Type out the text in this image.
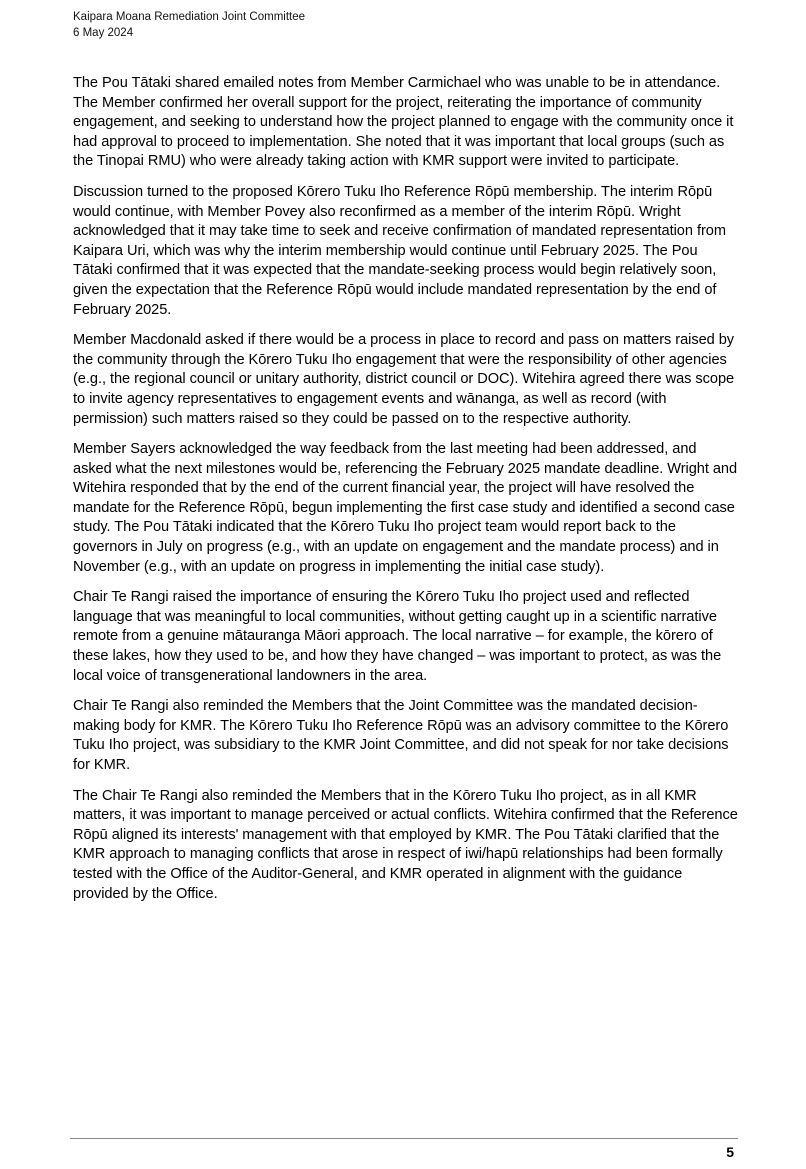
Kaipara Moana Remediation Joint Committee
6 May 2024

The Pou Tātaki shared emailed notes from Member Carmichael who was unable to be in attendance. The Member confirmed her overall support for the project, reiterating the importance of community engagement, and seeking to understand how the project planned to engage with the community once it had approval to proceed to implementation. She noted that it was important that local groups (such as the Tinopai RMU) who were already taking action with KMR support were invited to participate.

Discussion turned to the proposed Kōrero Tuku Iho Reference Rōpū membership. The interim Rōpū would continue, with Member Povey also reconfirmed as a member of the interim Rōpū. Wright acknowledged that it may take time to seek and receive confirmation of mandated representation from Kaipara Uri, which was why the interim membership would continue until February 2025. The Pou Tātaki confirmed that it was expected that the mandate-seeking process would begin relatively soon, given the expectation that the Reference Rōpū would include mandated representation by the end of February 2025.

Member Macdonald asked if there would be a process in place to record and pass on matters raised by the community through the Kōrero Tuku Iho engagement that were the responsibility of other agencies (e.g., the regional council or unitary authority, district council or DOC). Witehira agreed there was scope to invite agency representatives to engagement events and wānanga, as well as record (with permission) such matters raised so they could be passed on to the respective authority.

Member Sayers acknowledged the way feedback from the last meeting had been addressed, and asked what the next milestones would be, referencing the February 2025 mandate deadline. Wright and Witehira responded that by the end of the current financial year, the project will have resolved the mandate for the Reference Rōpū, begun implementing the first case study and identified a second case study. The Pou Tātaki indicated that the Kōrero Tuku Iho project team would report back to the governors in July on progress (e.g., with an update on engagement and the mandate process) and in November (e.g., with an update on progress in implementing the initial case study).

Chair Te Rangi raised the importance of ensuring the Kōrero Tuku Iho project used and reflected language that was meaningful to local communities, without getting caught up in a scientific narrative remote from a genuine mātauranga Māori approach. The local narrative – for example, the kōrero of these lakes, how they used to be, and how they have changed – was important to protect, as was the local voice of transgenerational landowners in the area.

Chair Te Rangi also reminded the Members that the Joint Committee was the mandated decision-making body for KMR. The Kōrero Tuku Iho Reference Rōpū was an advisory committee to the Kōrero Tuku Iho project, was subsidiary to the KMR Joint Committee, and did not speak for nor take decisions for KMR.

The Chair Te Rangi also reminded the Members that in the Kōrero Tuku Iho project, as in all KMR matters, it was important to manage perceived or actual conflicts. Witehira confirmed that the Reference Rōpū aligned its interests' management with that employed by KMR. The Pou Tātaki clarified that the KMR approach to managing conflicts that arose in respect of iwi/hapū relationships had been formally tested with the Office of the Auditor-General, and KMR operated in alignment with the guidance provided by the Office.

5
